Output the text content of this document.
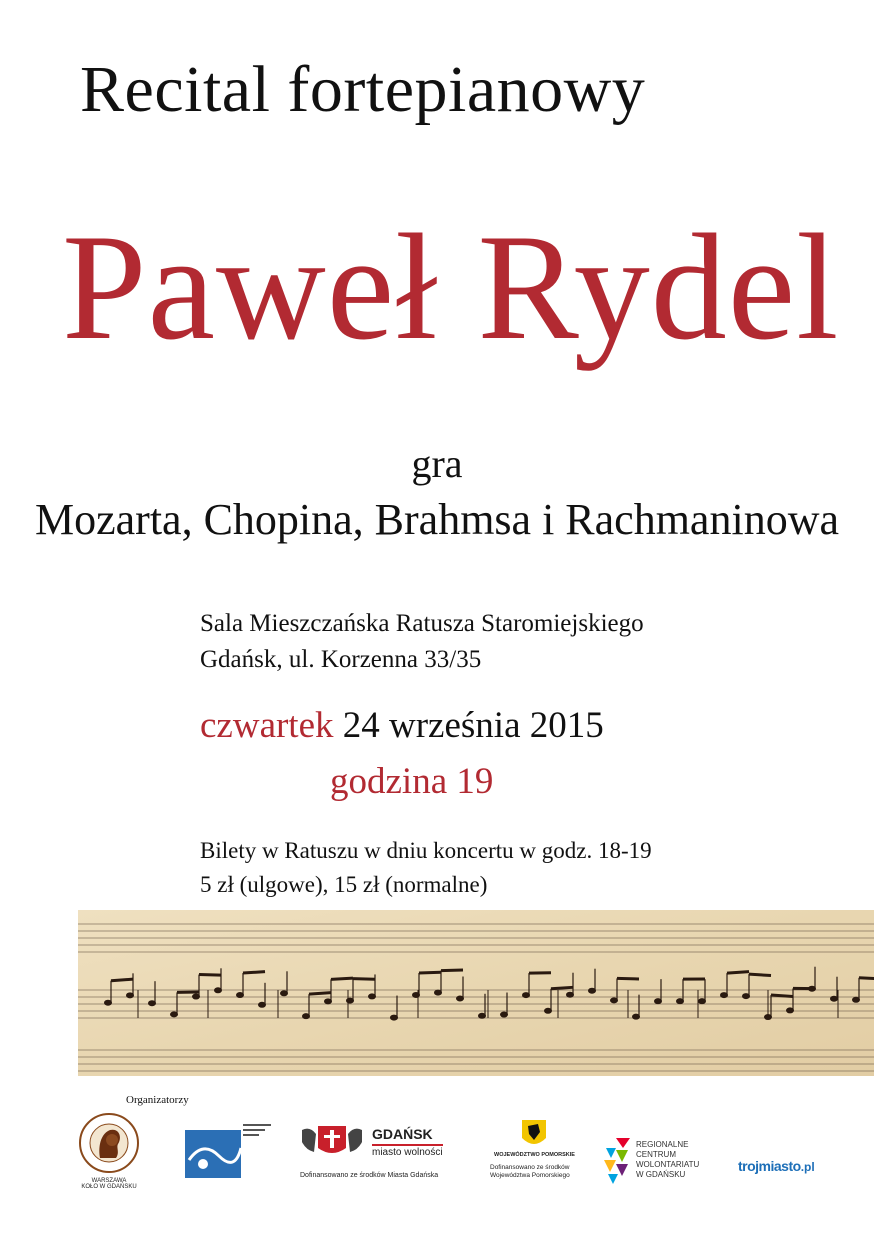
Recital fortepianowy
Paweł Rydel
gra
Mozarta, Chopina, Brahmsa i Rachmaninowa
Sala Mieszczańska Ratusza Staromiejskiego
Gdańsk, ul. Korzenna 33/35
czwartek 24 września 2015
godzina 19
Bilety w Ratuszu w dniu koncertu w godz. 18-19
5 zł (ulgowe), 15 zł (normalne)
Organizatorzy
WARSZAWA
KOŁO W GDAŃSKU
GDAŃSK
miasto wolności
Dofinansowano ze środków Miasta Gdańska
WOJEWÓDZTWO POMORSKIE
Dofinansowano ze środków Województwa Pomorskiego
REGIONALNE
CENTRUM
WOLONTARIATU
W GDAŃSKU
trojmiasto.pl
